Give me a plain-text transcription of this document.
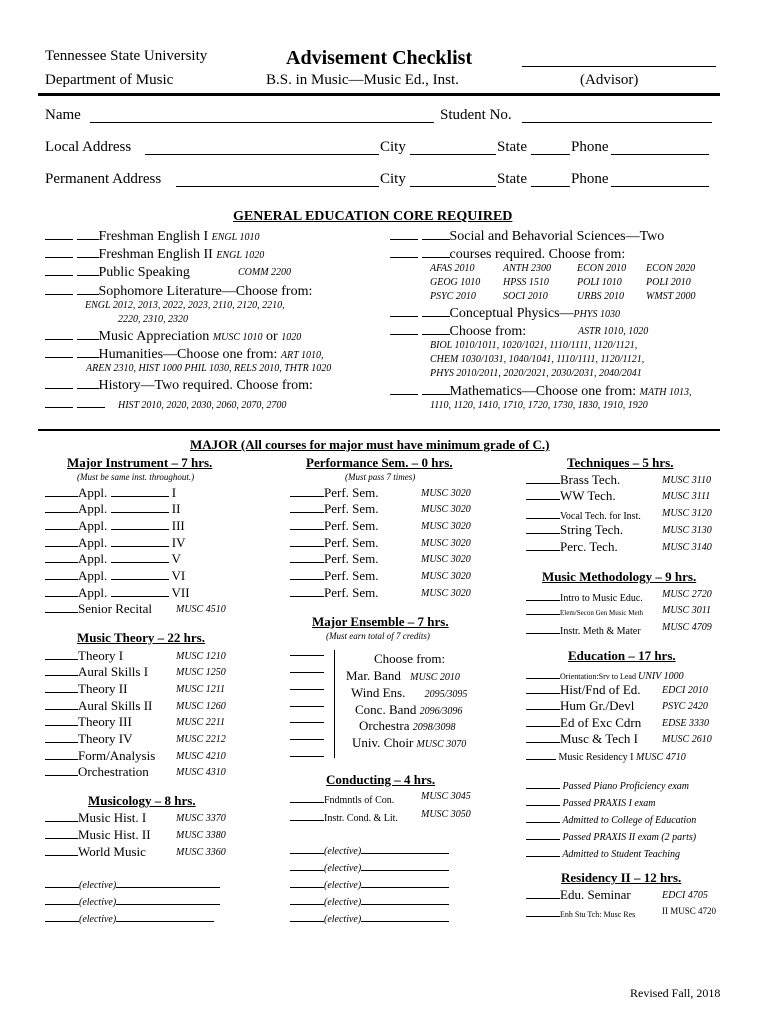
Tennessee State University
Department of Music
Advisement Checklist
B.S. in Music—Music Ed., Inst.	(Advisor)
Name	Student No.
Local Address	City	State	Phone
Permanent Address	City	State	Phone
GENERAL EDUCATION CORE REQUIRED
Freshman English I ENGL 1010
Freshman English II ENGL 1020
Public Speaking	COMM 2200
Sophomore Literature—Choose from:
ENGL 2012, 2013, 2022, 2023, 2110, 2120, 2210,
2220, 2310, 2320
Music Appreciation MUSC 1010 or 1020
Humanities—Choose one from: ART 1010,
AREN 2310, HIST 1000 PHIL 1030, RELS 2010, THTR 1020
History—Two required. Choose from:

HIST 2010, 2020, 2030, 2060, 2070, 2700
Social and Behavorial Sciences—Two
courses required. Choose from:
AFAS 2010	ANTH 2300	ECON 2010 ECON 2020
GEOG 1010 HPSS 1510	POLI 1010 POLI 2010
PSYC 2010	SOCI 2010	URBS 2010 WMST 2000
Conceptual Physics—PHYS 1030
Choose from:	ASTR 1010, 1020
BIOL 1010/1011, 1020/1021, 1110/1111, 1120/1121,
CHEM 1030/1031, 1040/1041, 1110/1111, 1120/1121,
PHYS 2010/2011, 2020/2021, 2030/2031, 2040/2041
Mathematics—Choose one from: MATH 1013,
1110, 1120, 1410, 1710, 1720, 1730, 1830, 1910, 1920
MAJOR (All courses for major must have minimum grade of C.)
Major Instrument – 7 hrs.
(Must be same inst. throughout.)
Appl.	I
Appl.	II
Appl.	III
Appl.	IV
Appl.	V
Appl.	VI
Appl.	VII
Senior Recital MUSC 4510
Music Theory – 22 hrs.
Theory I	MUSC 1210
Aural Skills I	MUSC 1250
Theory II	MUSC 1211
Aural Skills II MUSC 1260
Theory III	MUSC 2211
Theory IV	MUSC 2212
Form/Analysis MUSC 4210
Orchestration	MUSC 4310
Musicology – 8 hrs.
Music Hist. I	MUSC 3370
Music Hist. II	MUSC 3380
World Music	MUSC 3360
(elective)
(elective)
(elective)
Performance Sem. – 0 hrs.
(Must pass 7 times)
Perf. Sem.	MUSC 3020
Perf. Sem.	MUSC 3020
Perf. Sem.	MUSC 3020
Perf. Sem.	MUSC 3020
Perf. Sem.	MUSC 3020
Perf. Sem.	MUSC 3020
Perf. Sem.	MUSC 3020
Major Ensemble – 7 hrs.
(Must earn total of 7 credits)
Choose from:
Mar. Band MUSC 2010
Wind Ens. 2095/3095
Conc. Band 2096/3096
Orchestra 2098/3098
Univ. Choir MUSC 3070
Conducting – 4 hrs.
Fndmntls of Con.	MUSC 3045
Instr. Cond. & Lit. MUSC 3050
(elective)
(elective)
(elective)
(elective)
(elective)
Techniques – 5 hrs.
Brass Tech.	MUSC 3110
WW Tech.	MUSC 3111
Vocal Tech. for Inst. MUSC 3120
String Tech.	MUSC 3130
Perc. Tech.	MUSC 3140
Music Methodology – 9 hrs.
Intro to Music Educ. MUSC 2720
Elem/Secon Gen Music Meth MUSC 3011
Instr. Meth & Mater MUSC 4709
Education – 17 hrs.
Orientation:Srv to Lead UNIV 1000
Hist/Fnd of Ed. EDCI 2010
Hum Gr./Devl	PSYC 2420
Ed of Exc Cdrn EDSE 3330
Musc & Tech I MUSC 2610
Music Residency I MUSC 4710
Passed Piano Proficiency exam
Passed PRAXIS I exam
Admitted to College of Education
Passed PRAXIS II exam (2 parts)
Admitted to Student Teaching
Residency II – 12 hrs.
Edu. Seminar	EDCI 4705
Enh Stu Tch: Musc Res	II MUSC 4720
Revised Fall, 2018
